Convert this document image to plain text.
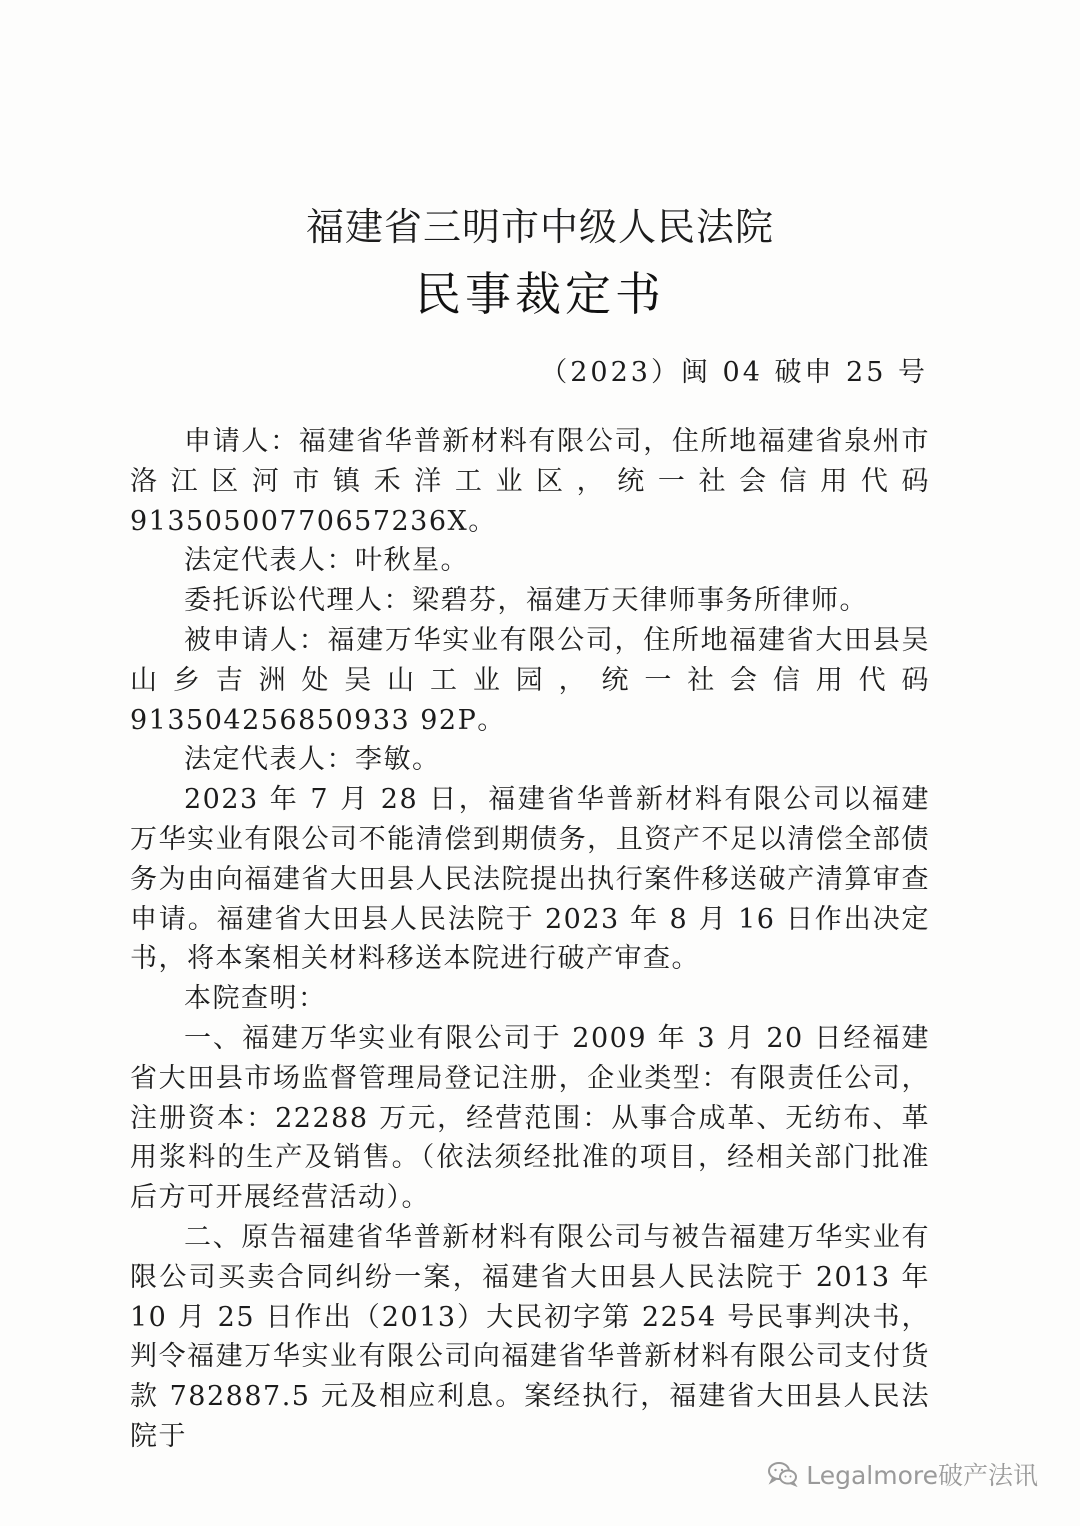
福建省三明市中级人民法院
民事裁定书
（2023）闽 04 破申 25 号

申请人：福建省华普新材料有限公司，住所地福建省泉州市洛江区河市镇禾洋工业区，统一社会信用代码91350500770657236X。

法定代表人：叶秋星。

委托诉讼代理人：梁碧芬，福建万天律师事务所律师。

被申请人：福建万华实业有限公司，住所地福建省大田县吴山乡吉洲处吴山工业园，统一社会信用代码913504256850933 92P。

法定代表人：李敏。

2023 年 7 月 28 日，福建省华普新材料有限公司以福建万华实业有限公司不能清偿到期债务，且资产不足以清偿全部债务为由向福建省大田县人民法院提出执行案件移送破产清算审查申请。福建省大田县人民法院于 2023 年 8 月 16 日作出决定书，将本案相关材料移送本院进行破产审查。

本院查明：

一、福建万华实业有限公司于 2009 年 3 月 20 日经福建省大田县市场监督管理局登记注册，企业类型：有限责任公司，注册资本：22288 万元，经营范围：从事合成革、无纺布、革用浆料的生产及销售。（依法须经批准的项目，经相关部门批准后方可开展经营活动）。

二、原告福建省华普新材料有限公司与被告福建万华实业有限公司买卖合同纠纷一案，福建省大田县人民法院于 2013 年 10 月 25 日作出（2013）大民初字第 2254 号民事判决书，判令福建万华实业有限公司向福建省华普新材料有限公司支付货款 782887.5 元及相应利息。案经执行，福建省大田县人民法院于

Legalmore破产法讯
